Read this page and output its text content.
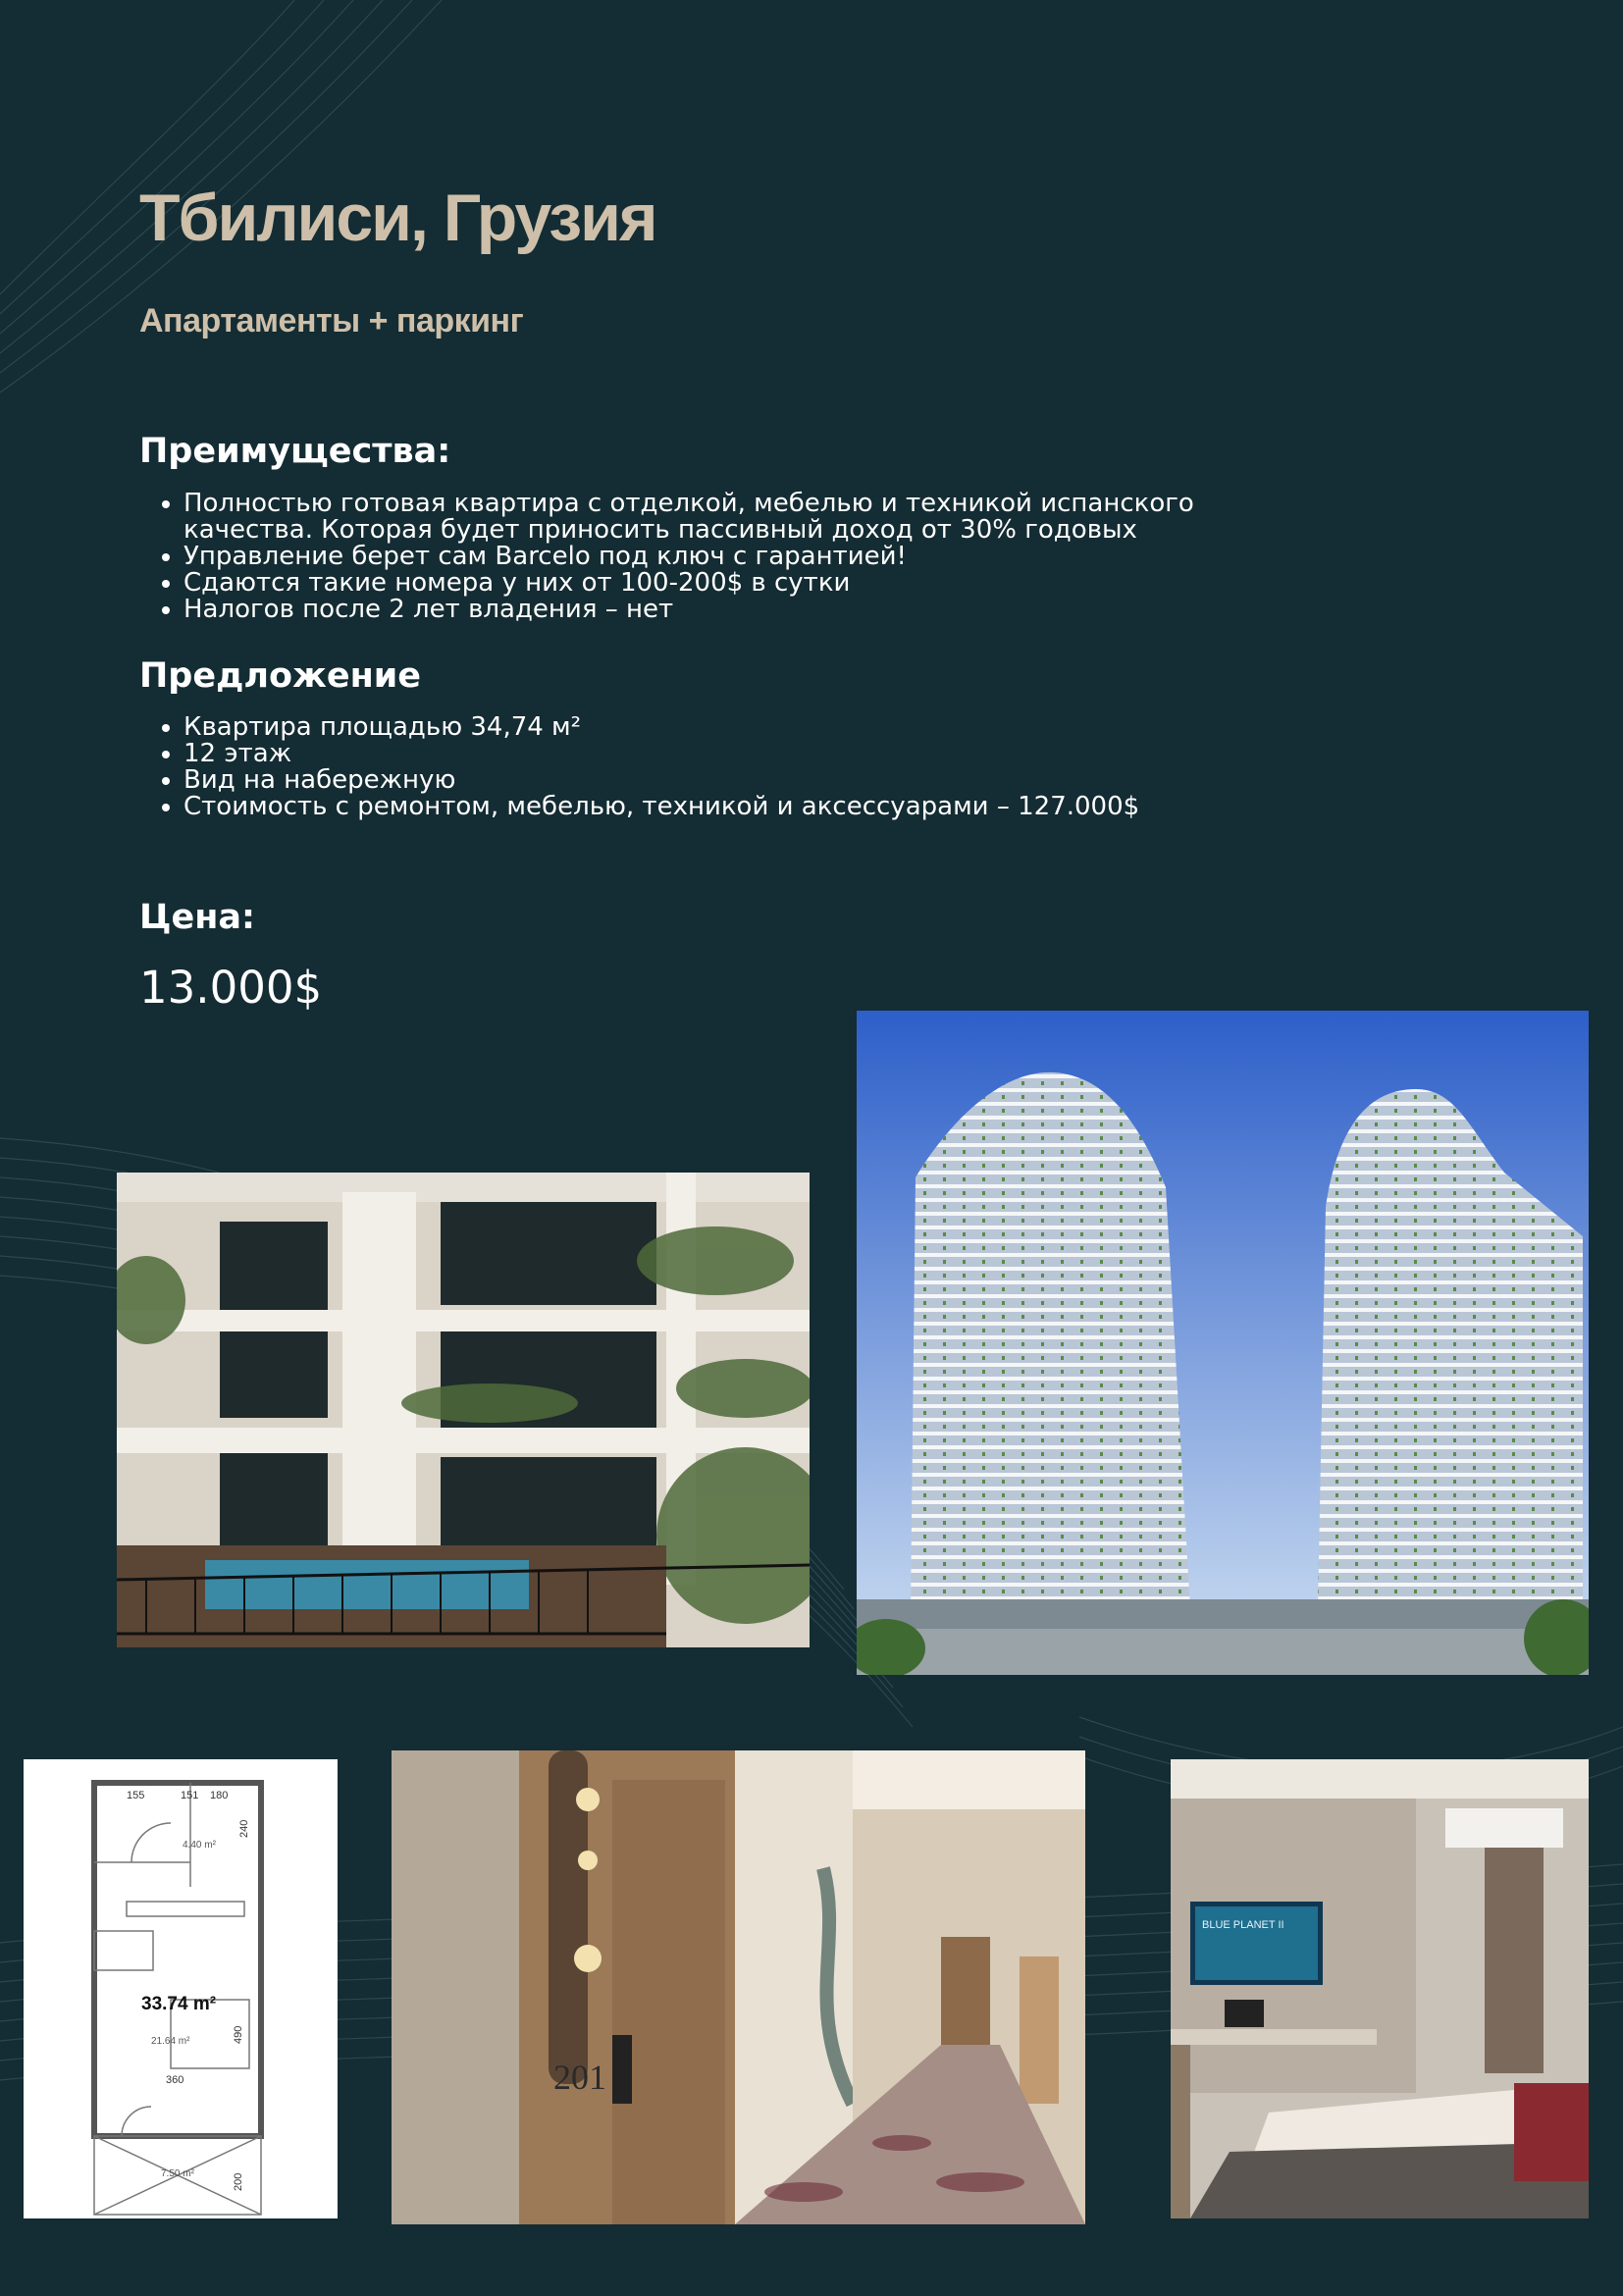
Тбилиси, Грузия
Апартаменты + паркинг
Преимущества:
• Полностью готовая квартира с отделкой, мебелью и техникой испанского качества. Которая будет приносить пассивный доход от 30% годовых
• Управление берет сам Barcelo под ключ с гарантией!
• Сдаются такие номера у них от 100-200$ в сутки
• Налогов после 2 лет владения – нет
Предложение
• Квартира площадью 34,74 м²
• 12 этаж
• Вид на набережную
• Стоимость с ремонтом, мебелью, техникой и аксессуарами – 127.000$
Цена:

13.000$

155	151 180
240
4.40 m²
33.74 m²
21.64 m²	490
360
7.50 m²	200
201
BLUE PLANET II
